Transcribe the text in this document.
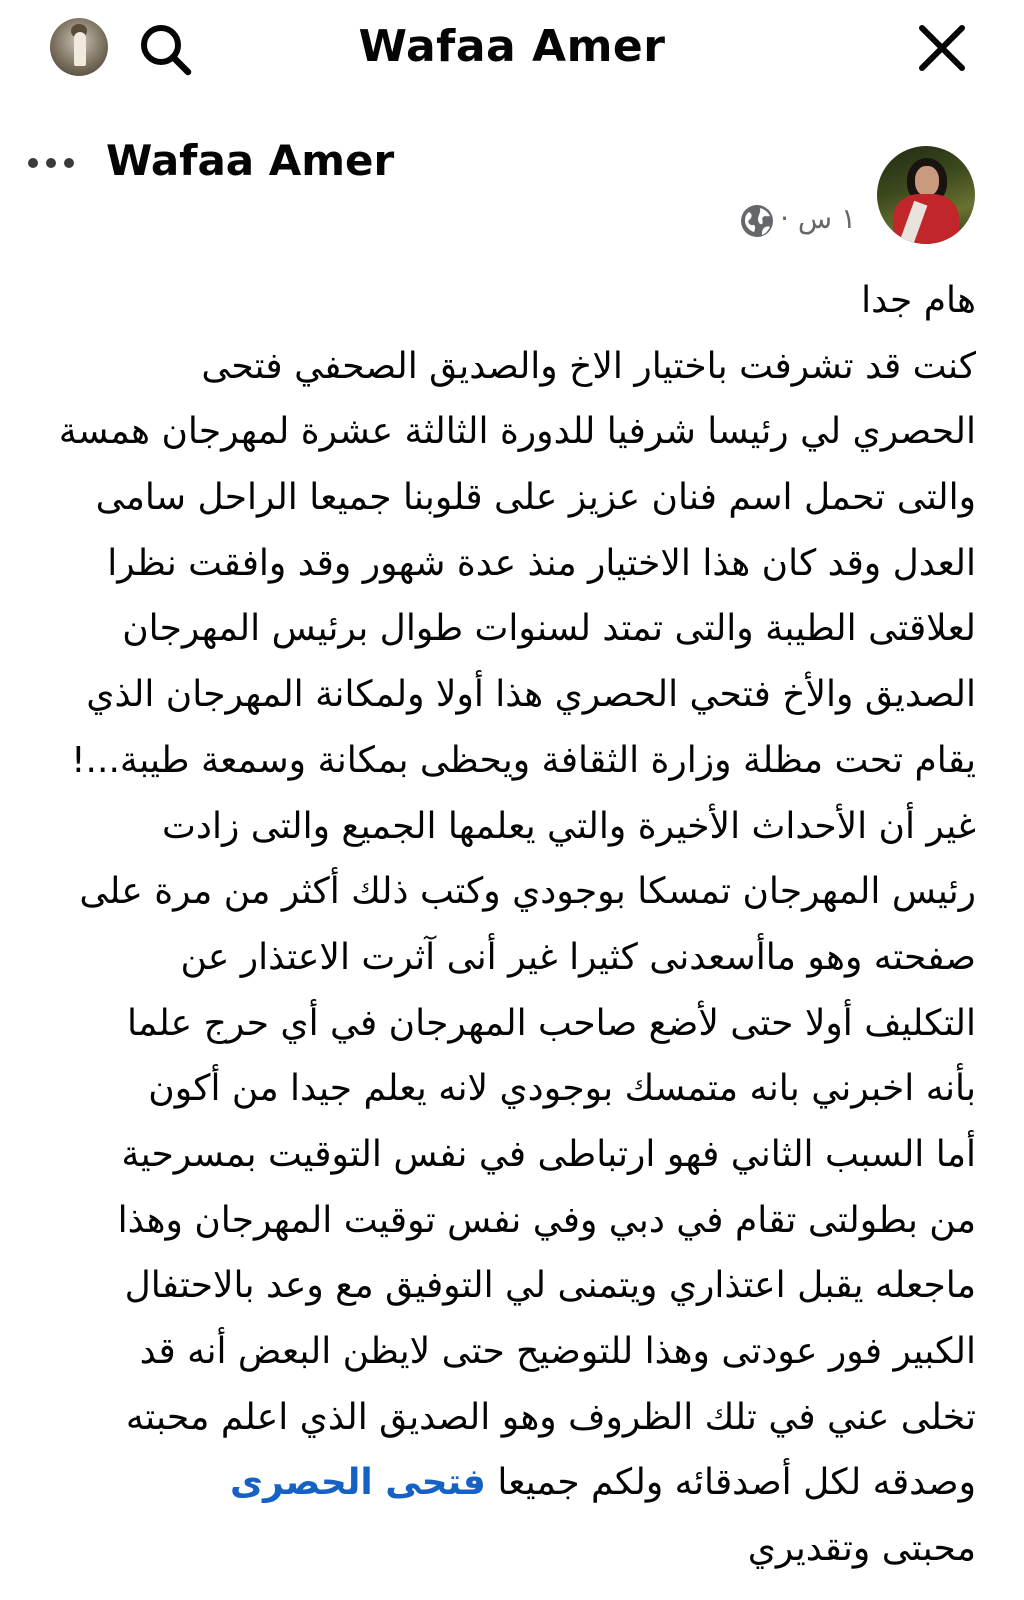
Wafaa Amer
Wafaa Amer
١ س ·
هام جدا
كنت قد تشرفت باختيار الاخ والصديق الصحفي فتحى
الحصري لي رئيسا شرفيا للدورة الثالثة عشرة لمهرجان همسة
والتى تحمل اسم فنان عزيز على قلوبنا جميعا الراحل سامى
العدل وقد كان هذا الاختيار منذ عدة شهور وقد وافقت نظرا
لعلاقتى الطيبة والتى تمتد لسنوات طوال برئيس المهرجان
الصديق والأخ فتحي الحصري هذا أولا ولمكانة المهرجان الذي
يقام تحت مظلة وزارة الثقافة ويحظى بمكانة وسمعة طيبة...!
غير أن الأحداث الأخيرة والتي يعلمها الجميع والتى زادت
رئيس المهرجان تمسكا بوجودي وكتب ذلك أكثر من مرة على
صفحته وهو ماأسعدنى كثيرا غير أنى آثرت الاعتذار عن
التكليف أولا حتى لأضع صاحب المهرجان في أي حرج علما
بأنه اخبرني بانه متمسك بوجودي لانه يعلم جيدا من أكون
أما السبب الثاني فهو ارتباطى في نفس التوقيت بمسرحية
من بطولتى تقام في دبي وفي نفس توقيت المهرجان وهذا
ماجعله يقبل اعتذاري ويتمنى لي التوفيق مع وعد بالاحتفال
الكبير فور عودتى وهذا للتوضيح حتى لايظن البعض أنه قد
تخلى عني في تلك الظروف وهو الصديق الذي اعلم محبته
وصدقه لكل أصدقائه ولكم جميعا فتحى الحصرى
محبتى وتقديري
